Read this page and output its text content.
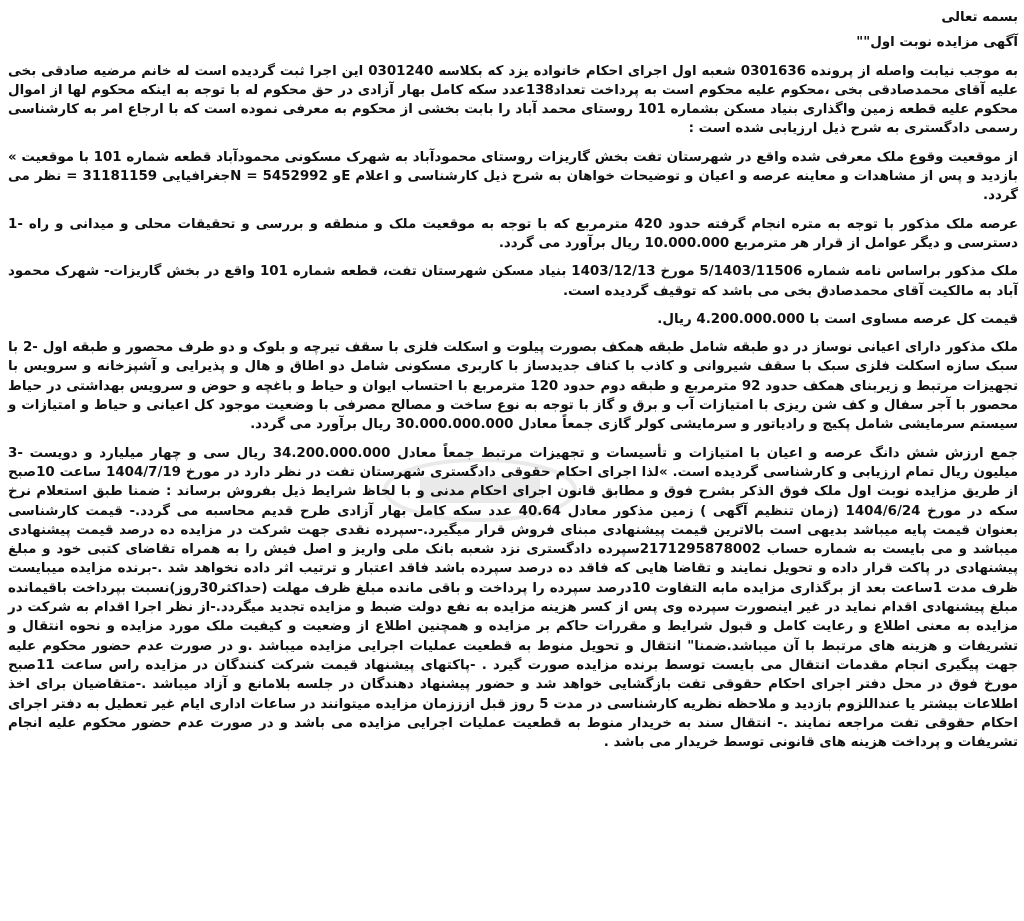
بسمه تعالی
آگهی مزایده نوبت اول""

به موجب نیابت واصله از پرونده 0301636 شعبه اول اجرای احکام خانواده یزد که بکلاسه 0301240 این اجرا ثبت گردیده است له خانم مرضیه صادقی بخی علیه آقای محمدصادقی بخی ،محکوم علیه محکوم است به پرداخت تعداد138عدد سکه کامل بهار آزادی در حق محکوم له با توجه به اینکه محکوم لها از اموال محکوم علیه قطعه زمین واگذاری بنیاد مسکن بشماره 101 روستای محمد آباد را بابت بخشی از محکوم به معرفی نموده است که با ارجاع امر به کارشناسی رسمی دادگستری به شرح ذیل ارزیابی شده است :

از موقعیت وقوع ملک معرفی شده واقع در شهرستان تفت بخش گاریزات روستای محمودآباد به شهرک مسکونی محمودآباد قطعه شماره 101 با موقعیت » بازدید و پس از مشاهدات و معاینه عرصه و اعیان و توضیحات خواهان به شرح ذیل کارشناسی و اعلام Eو 5452992 = Nجغرافیایی 31181159 = نظر می گردد.

عرصه ملک مذکور با توجه به متره انجام گرفته حدود 420 مترمربع که با توجه به موقعیت ملک و منطقه و بررسی و تحقیقات محلی و میدانی و راه -1 دسترسی و دیگر عوامل از قرار هر مترمربع 10.000.000 ریال برآورد می گردد.

ملک مذکور براساس نامه شماره 5/1403/11506 مورخ 1403/12/13 بنیاد مسکن شهرستان تفت، قطعه شماره 101 واقع در بخش گاریزات- شهرک محمود آباد به مالکیت آقای محمدصادق بخی می باشد که توقیف گردیده است.

قیمت کل عرصه مساوی است با 4.200.000.000 ریال.

ملک مذکور دارای اعیانی نوساز در دو طبقه شامل طبقه همکف بصورت پیلوت و اسکلت فلزی با سقف تیرچه و بلوک و دو طرف محصور و طبقه اول -2 با سبک سازه اسکلت فلزی سبک با سقف شیروانی و کاذب با کناف جدیدساز با کاربری مسکونی شامل دو اطاق و هال و پذیرایی و آشپزخانه و سرویس با تجهیزات مرتبط و زیربنای همکف حدود 92 مترمربع و طبقه دوم حدود 120 مترمربع با احتساب ایوان و حیاط و باغچه و حوض و سرویس بهداشتی در حیاط محصور با آجر سفال و کف شن ریزی با امتیازات آب و برق و گاز با توجه به نوع ساخت و مصالح مصرفی با وضعیت موجود کل اعیانی و حیاط و امتیازات و سیستم سرمایشی شامل پکیج و رادیاتور و سرمایشی کولر گازی جمعاً معادل 30.000.000.000 ریال برآورد می گردد.

جمع ارزش شش دانگ عرصه و اعیان با امتیازات و تأسیسات و تجهیزات مرتبط جمعاً معادل 34.200.000.000 ریال سی و چهار میلیارد و دویست -3 میلیون ریال تمام ارزیابی و کارشناسی گردیده است. »لذا اجرای احکام حقوقی دادگستری شهرستان تفت در نظر دارد در مورخ 1404/7/19 ساعت 10صبح از طریق مزایده نوبت اول ملک فوق الذکر بشرح فوق و مطابق قانون اجرای احکام مدنی و با لحاظ شرایط ذیل بفروش برساند : ضمنا طبق استعلام نرخ سکه در مورخ 1404/6/24 (زمان تنظیم آگهی ) زمین مذکور معادل 40.64 عدد سکه کامل بهار آزادی طرح قدیم محاسبه می گردد.- قیمت کارشناسی بعنوان قیمت پایه میباشد بدیهی است بالاترین قیمت پیشنهادی مبنای فروش قرار میگیرد.-سپرده نقدی جهت شرکت در مزایده ده درصد قیمت پیشنهادی میباشد و می بایست به شماره حساب 2171295878002سپرده دادگستری نزد شعبه بانک ملی واریز و اصل فیش را به همراه تقاضای کتبی خود و مبلغ پیشنهادی در پاکت قرار داده و تحویل نمایند و تقاضا هایی که فاقد ده درصد سپرده باشد فاقد اعتبار و ترتیب اثر داده نخواهد شد .-برنده مزایده میبایست ظرف مدت 1ساعت بعد از برگذاری مزایده مابه التفاوت 10درصد سپرده را پرداخت و باقی مانده مبلغ ظرف مهلت (حداکثر30روز)نسبت بپرداخت باقیمانده مبلغ پیشنهادی اقدام نماید در غیر اینصورت سپرده وی پس از کسر هزینه مزایده به نفع دولت ضبط و مزایده تجدید میگردد.-از نظر اجرا اقدام به شرکت در مزایده به معنی اطلاع و رعایت کامل و قبول شرایط و مقررات حاکم بر مزایده و همچنین اطلاع از وضعیت و کیفیت ملک مورد مزایده و نحوه انتقال و تشریفات و هزینه های مرتبط با آن میباشد.ضمنا" انتقال و تحویل منوط به قطعیت عملیات اجرایی مزایده میباشد .و در صورت عدم حضور محکوم علیه جهت پیگیری انجام مقدمات انتقال می بایست توسط برنده مزایده صورت گیرد . -پاکتهای پیشنهاد قیمت شرکت کنندگان در مزایده راس ساعت 11صبح مورخ فوق در محل دفتر اجرای احکام حقوقی تفت بازگشایی خواهد شد و حضور پیشنهاد دهندگان در جلسه بلامانع و آزاد میباشد .-متقاضیان برای اخذ اطلاعات بیشتر یا عنداللزوم بازدید و ملاحظه نظریه کارشناسی در مدت 5 روز قبل ازززمان مزایده میتوانند در ساعات اداری ایام غیر تعطیل به دفتر اجرای احکام حقوقی تفت مراجعه نمایند .- انتقال سند به خریدار منوط به قطعیت عملیات اجرایی مزایده می باشد و در صورت عدم حضور محکوم علیه انجام تشریفات و پرداخت هزینه های قانونی توسط خریدار می باشد .
